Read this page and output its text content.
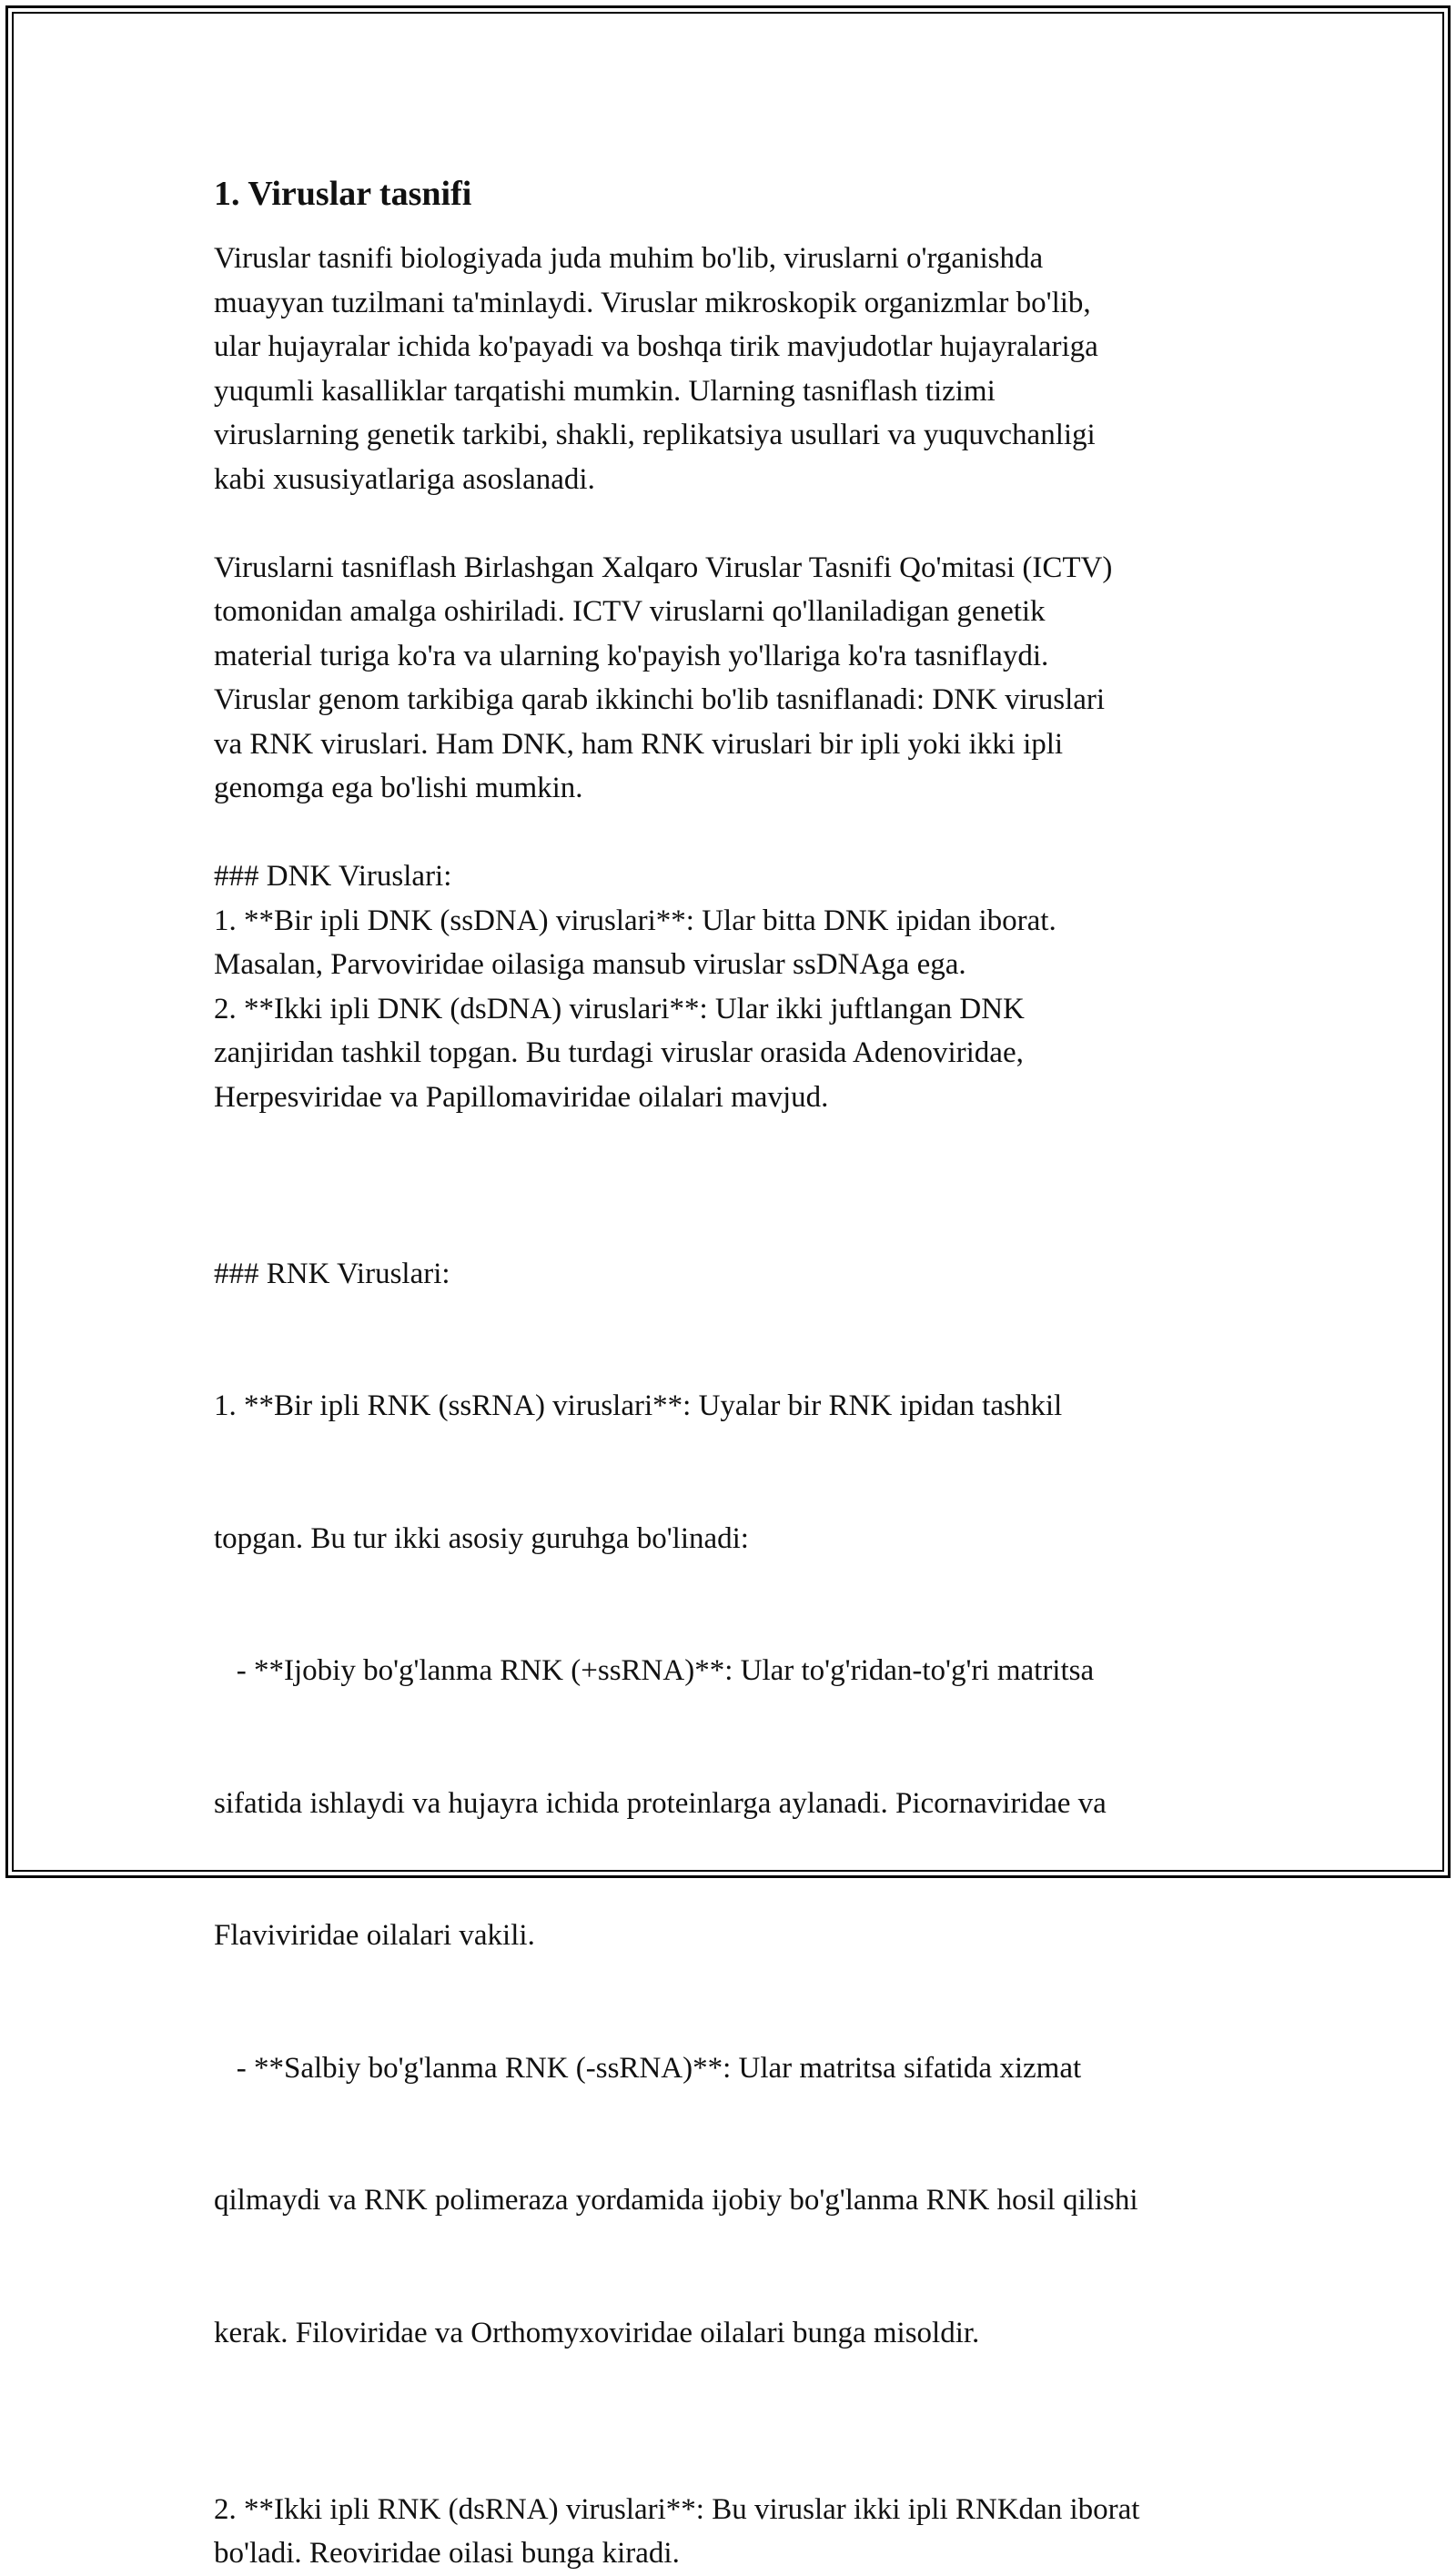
1. Viruslar tasnifi

Viruslar tasnifi biologiyada juda muhim bo'lib, viruslarni o'rganishda
muayyan tuzilmani ta'minlaydi. Viruslar mikroskopik organizmlar bo'lib,
ular hujayralar ichida ko'payadi va boshqa tirik mavjudotlar hujayralariga
yuqumli kasalliklar tarqatishi mumkin. Ularning tasniflash tizimi
viruslarning genetik tarkibi, shakli, replikatsiya usullari va yuquvchanligi
kabi xususiyatlariga asoslanadi.

Viruslarni tasniflash Birlashgan Xalqaro Viruslar Tasnifi Qo'mitasi (ICTV)
tomonidan amalga oshiriladi. ICTV viruslarni qo'llaniladigan genetik
material turiga ko'ra va ularning ko'payish yo'llariga ko'ra tasniflaydi.
Viruslar genom tarkibiga qarab ikkinchi bo'lib tasniflanadi: DNK viruslari
va RNK viruslari. Ham DNK, ham RNK viruslari bir ipli yoki ikki ipli
genomga ega bo'lishi mumkin.

### DNK Viruslari:
1. **Bir ipli DNK (ssDNA) viruslari**: Ular bitta DNK ipidan iborat.
Masalan, Parvoviridae oilasiga mansub viruslar ssDNAga ega.
2. **Ikki ipli DNK (dsDNA) viruslari**: Ular ikki juftlangan DNK
zanjiridan tashkil topgan. Bu turdagi viruslar orasida Adenoviridae,
Herpesviridae va Papillomaviridae oilalari mavjud.

### RNK Viruslari:

1. **Bir ipli RNK (ssRNA) viruslari**: Uyalar bir RNK ipidan tashkil

topgan. Bu tur ikki asosiy guruhga bo'linadi:

- **Ijobiy bo'g'lanma RNK (+ssRNA)**: Ular to'g'ridan-to'g'ri matritsa

sifatida ishlaydi va hujayra ichida proteinlarga aylanadi. Picornaviridae va

Flaviviridae oilalari vakili.

- **Salbiy bo'g'lanma RNK (-ssRNA)**: Ular matritsa sifatida xizmat

qilmaydi va RNK polimeraza yordamida ijobiy bo'g'lanma RNK hosil qilishi

kerak. Filoviridae va Orthomyxoviridae oilalari bunga misoldir.

2. **Ikki ipli RNK (dsRNA) viruslari**: Bu viruslar ikki ipli RNKdan iborat
bo'ladi. Reoviridae oilasi bunga kiradi.
